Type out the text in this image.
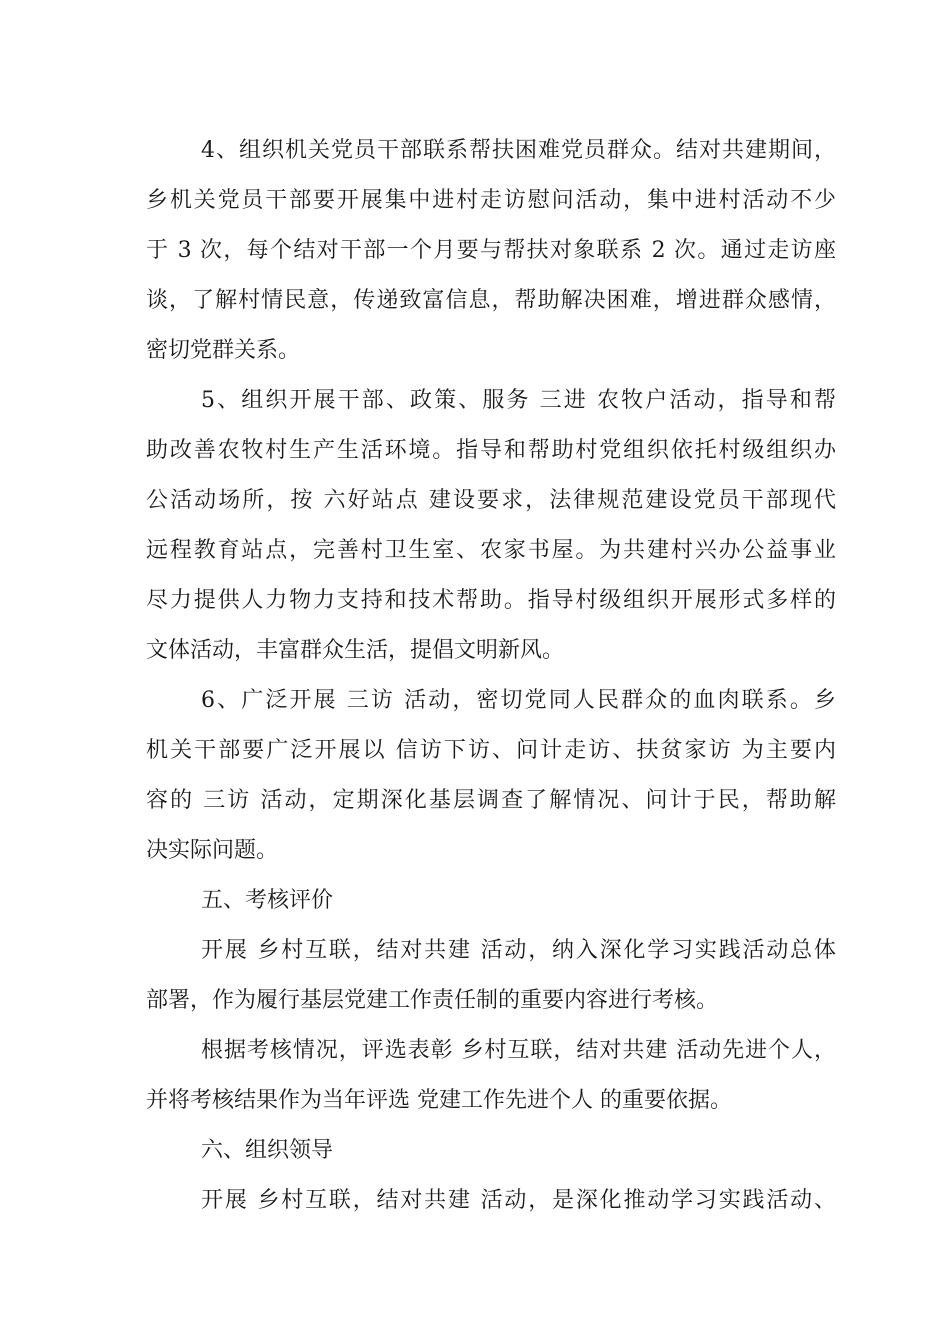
4、组织机关党员干部联系帮扶困难党员群众。结对共建期间，

乡机关党员干部要开展集中进村走访慰问活动，集中进村活动不少

于 3 次，每个结对干部一个月要与帮扶对象联系 2 次。通过走访座

谈，了解村情民意，传递致富信息，帮助解决困难，增进群众感情，

密切党群关系。

5、组织开展干部、政策、服务 三进 农牧户活动，指导和帮

助改善农牧村生产生活环境。指导和帮助村党组织依托村级组织办

公活动场所，按 六好站点 建设要求，法律规范建设党员干部现代

远程教育站点，完善村卫生室、农家书屋。为共建村兴办公益事业

尽力提供人力物力支持和技术帮助。指导村级组织开展形式多样的

文体活动，丰富群众生活，提倡文明新风。

6、广泛开展 三访 活动，密切党同人民群众的血肉联系。乡

机关干部要广泛开展以 信访下访、问计走访、扶贫家访 为主要内

容的 三访 活动，定期深化基层调查了解情况、问计于民，帮助解

决实际问题。

五、考核评价

开展 乡村互联，结对共建 活动，纳入深化学习实践活动总体

部署，作为履行基层党建工作责任制的重要内容进行考核。

根据考核情况，评选表彰 乡村互联，结对共建 活动先进个人，

并将考核结果作为当年评选 党建工作先进个人 的重要依据。

六、组织领导

开展 乡村互联，结对共建 活动，是深化推动学习实践活动、
